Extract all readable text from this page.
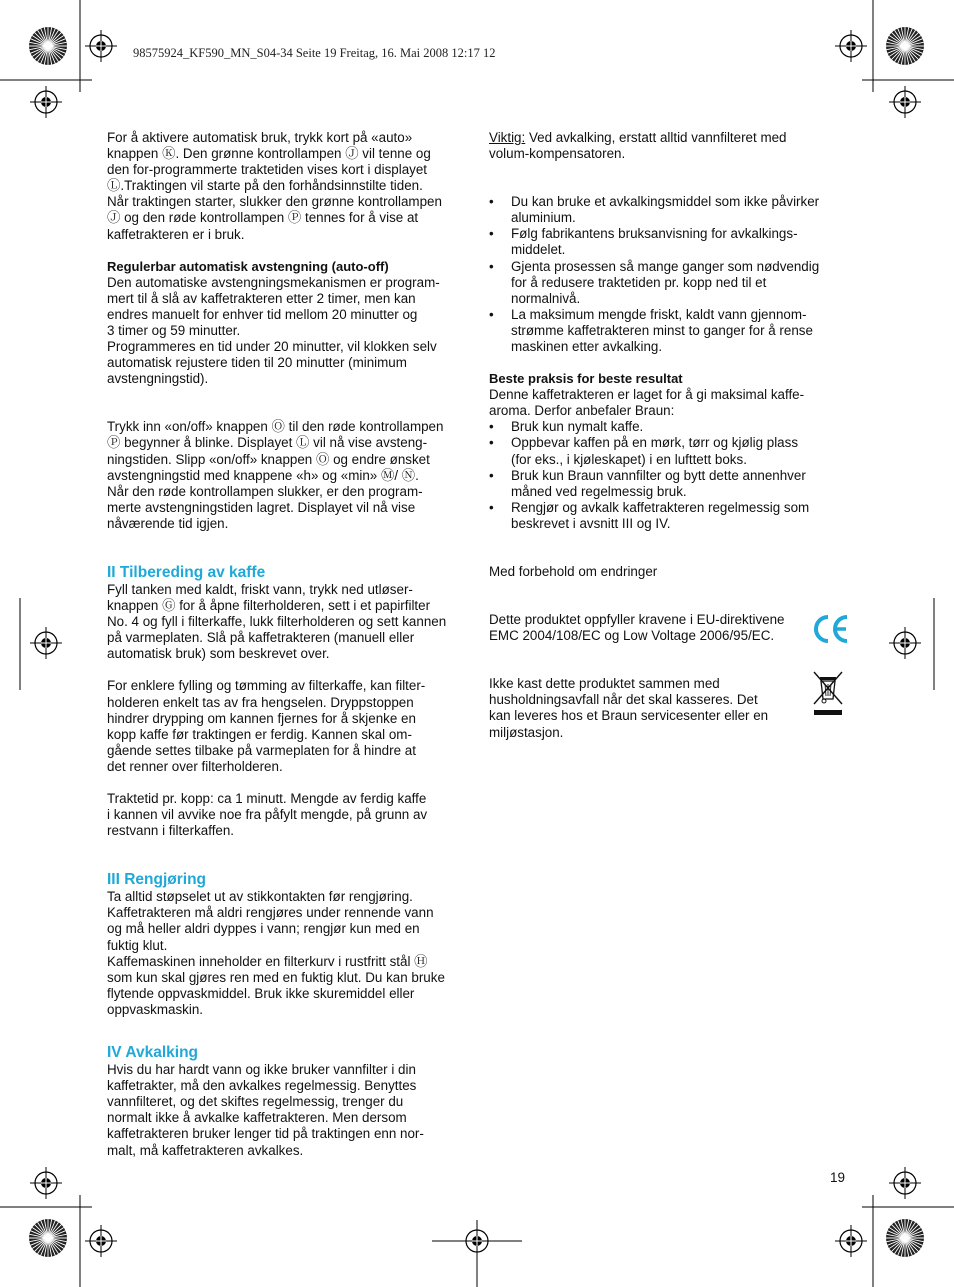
98575924_KF590_MN_S04-34 Seite 19 Freitag, 16. Mai 2008 12:17 12

For å aktivere automatisk bruk, trykk kort på «auto»
knappen Ⓚ. Den grønne kontrollampen Ⓙ vil tenne og
den for-programmerte traktetiden vises kort i displayet
Ⓛ.Traktingen vil starte på den forhåndsinnstilte tiden.
Når traktingen starter, slukker den grønne kontrollampen
Ⓙ og den røde kontrollampen Ⓟ tennes for å vise at
kaffetrakteren er i bruk.

Regulerbar automatisk avstengning (auto-off)

Den automatiske avstengningsmekanismen er program-
mert til å slå av kaffetrakteren etter 2 timer, men kan
endres manuelt for enhver tid mellom 20 minutter og
3 timer og 59 minutter.
Programmeres en tid under 20 minutter, vil klokken selv
automatisk rejustere tiden til 20 minutter (minimum
avstengningstid).

Trykk inn «on/off» knappen Ⓞ til den røde kontrollampen
Ⓟ begynner å blinke. Displayet Ⓛ vil nå vise avsteng-
ningstiden. Slipp «on/off» knappen Ⓞ og endre ønsket
avstengningstid med knappene «h» og «min» Ⓜ/ Ⓝ.
Når den røde kontrollampen slukker, er den program-
merte avstengningstiden lagret. Displayet vil nå vise
nåværende tid igjen.

II Tilbereding av kaffe

Fyll tanken med kaldt, friskt vann, trykk ned utløser-
knappen Ⓖ for å åpne filterholderen, sett i et papirfilter
No. 4 og fyll i filterkaffe, lukk filterholderen og sett kannen
på varmeplaten. Slå på kaffetrakteren (manuell eller
automatisk bruk) som beskrevet over.

For enklere fylling og tømming av filterkaffe, kan filter-
holderen enkelt tas av fra hengselen. Dryppstoppen
hindrer drypping om kannen fjernes for å skjenke en
kopp kaffe før traktingen er ferdig. Kannen skal om-
gående settes tilbake på varmeplaten for å hindre at
det renner over filterholderen.

Traktetid pr. kopp: ca 1 minutt. Mengde av ferdig kaffe
i kannen vil avvike noe fra påfylt mengde, på grunn av
restvann i filterkaffen.

III Rengjøring

Ta alltid støpselet ut av stikkontakten før rengjøring.
Kaffetrakteren må aldri rengjøres under rennende vann
og må heller aldri dyppes i vann; rengjør kun med en
fuktig klut.
Kaffemaskinen inneholder en filterkurv i rustfritt stål Ⓗ
som kun skal gjøres ren med en fuktig klut. Du kan bruke
flytende oppvaskmiddel. Bruk ikke skuremiddel eller
oppvaskmaskin.

IV Avkalking

Hvis du har hardt vann og ikke bruker vannfilter i din
kaffetrakter, må den avkalkes regelmessig. Benyttes
vannfilteret, og det skiftes regelmessig, trenger du
normalt ikke å avkalke kaffetrakteren. Men dersom
kaffetrakteren bruker lenger tid på traktingen enn nor-
malt, må kaffetrakteren avkalkes.

Viktig: Ved avkalking, erstatt alltid vannfilteret med
volum-kompensatoren.

• Du kan bruke et avkalkingsmiddel som ikke påvirker
aluminium.
• Følg fabrikantens bruksanvisning for avkalkings-
middelet.
• Gjenta prosessen så mange ganger som nødvendig
for å redusere traktetiden pr. kopp ned til et
normalnivå.
• La maksimum mengde friskt, kaldt vann gjennom-
strømme kaffetrakteren minst to ganger for å rense
maskinen etter avkalking.

Beste praksis for beste resultat

Denne kaffetrakteren er laget for å gi maksimal kaffe-
aroma. Derfor anbefaler Braun:

• Bruk kun nymalt kaffe.
• Oppbevar kaffen på en mørk, tørr og kjølig plass
(for eks., i kjøleskapet) i en lufttett boks.
• Bruk kun Braun vannfilter og bytt dette annenhver
måned ved regelmessig bruk.
• Rengjør og avkalk kaffetrakteren regelmessig som
beskrevet i avsnitt III og IV.

Med forbehold om endringer

Dette produktet oppfyller kravene i EU-direktivene
EMC 2004/108/EC og Low Voltage 2006/95/EC.

Ikke kast dette produktet sammen med
husholdningsavfall når det skal kasseres. Det
kan leveres hos et Braun servicesenter eller en
miljøstasjon.

19
